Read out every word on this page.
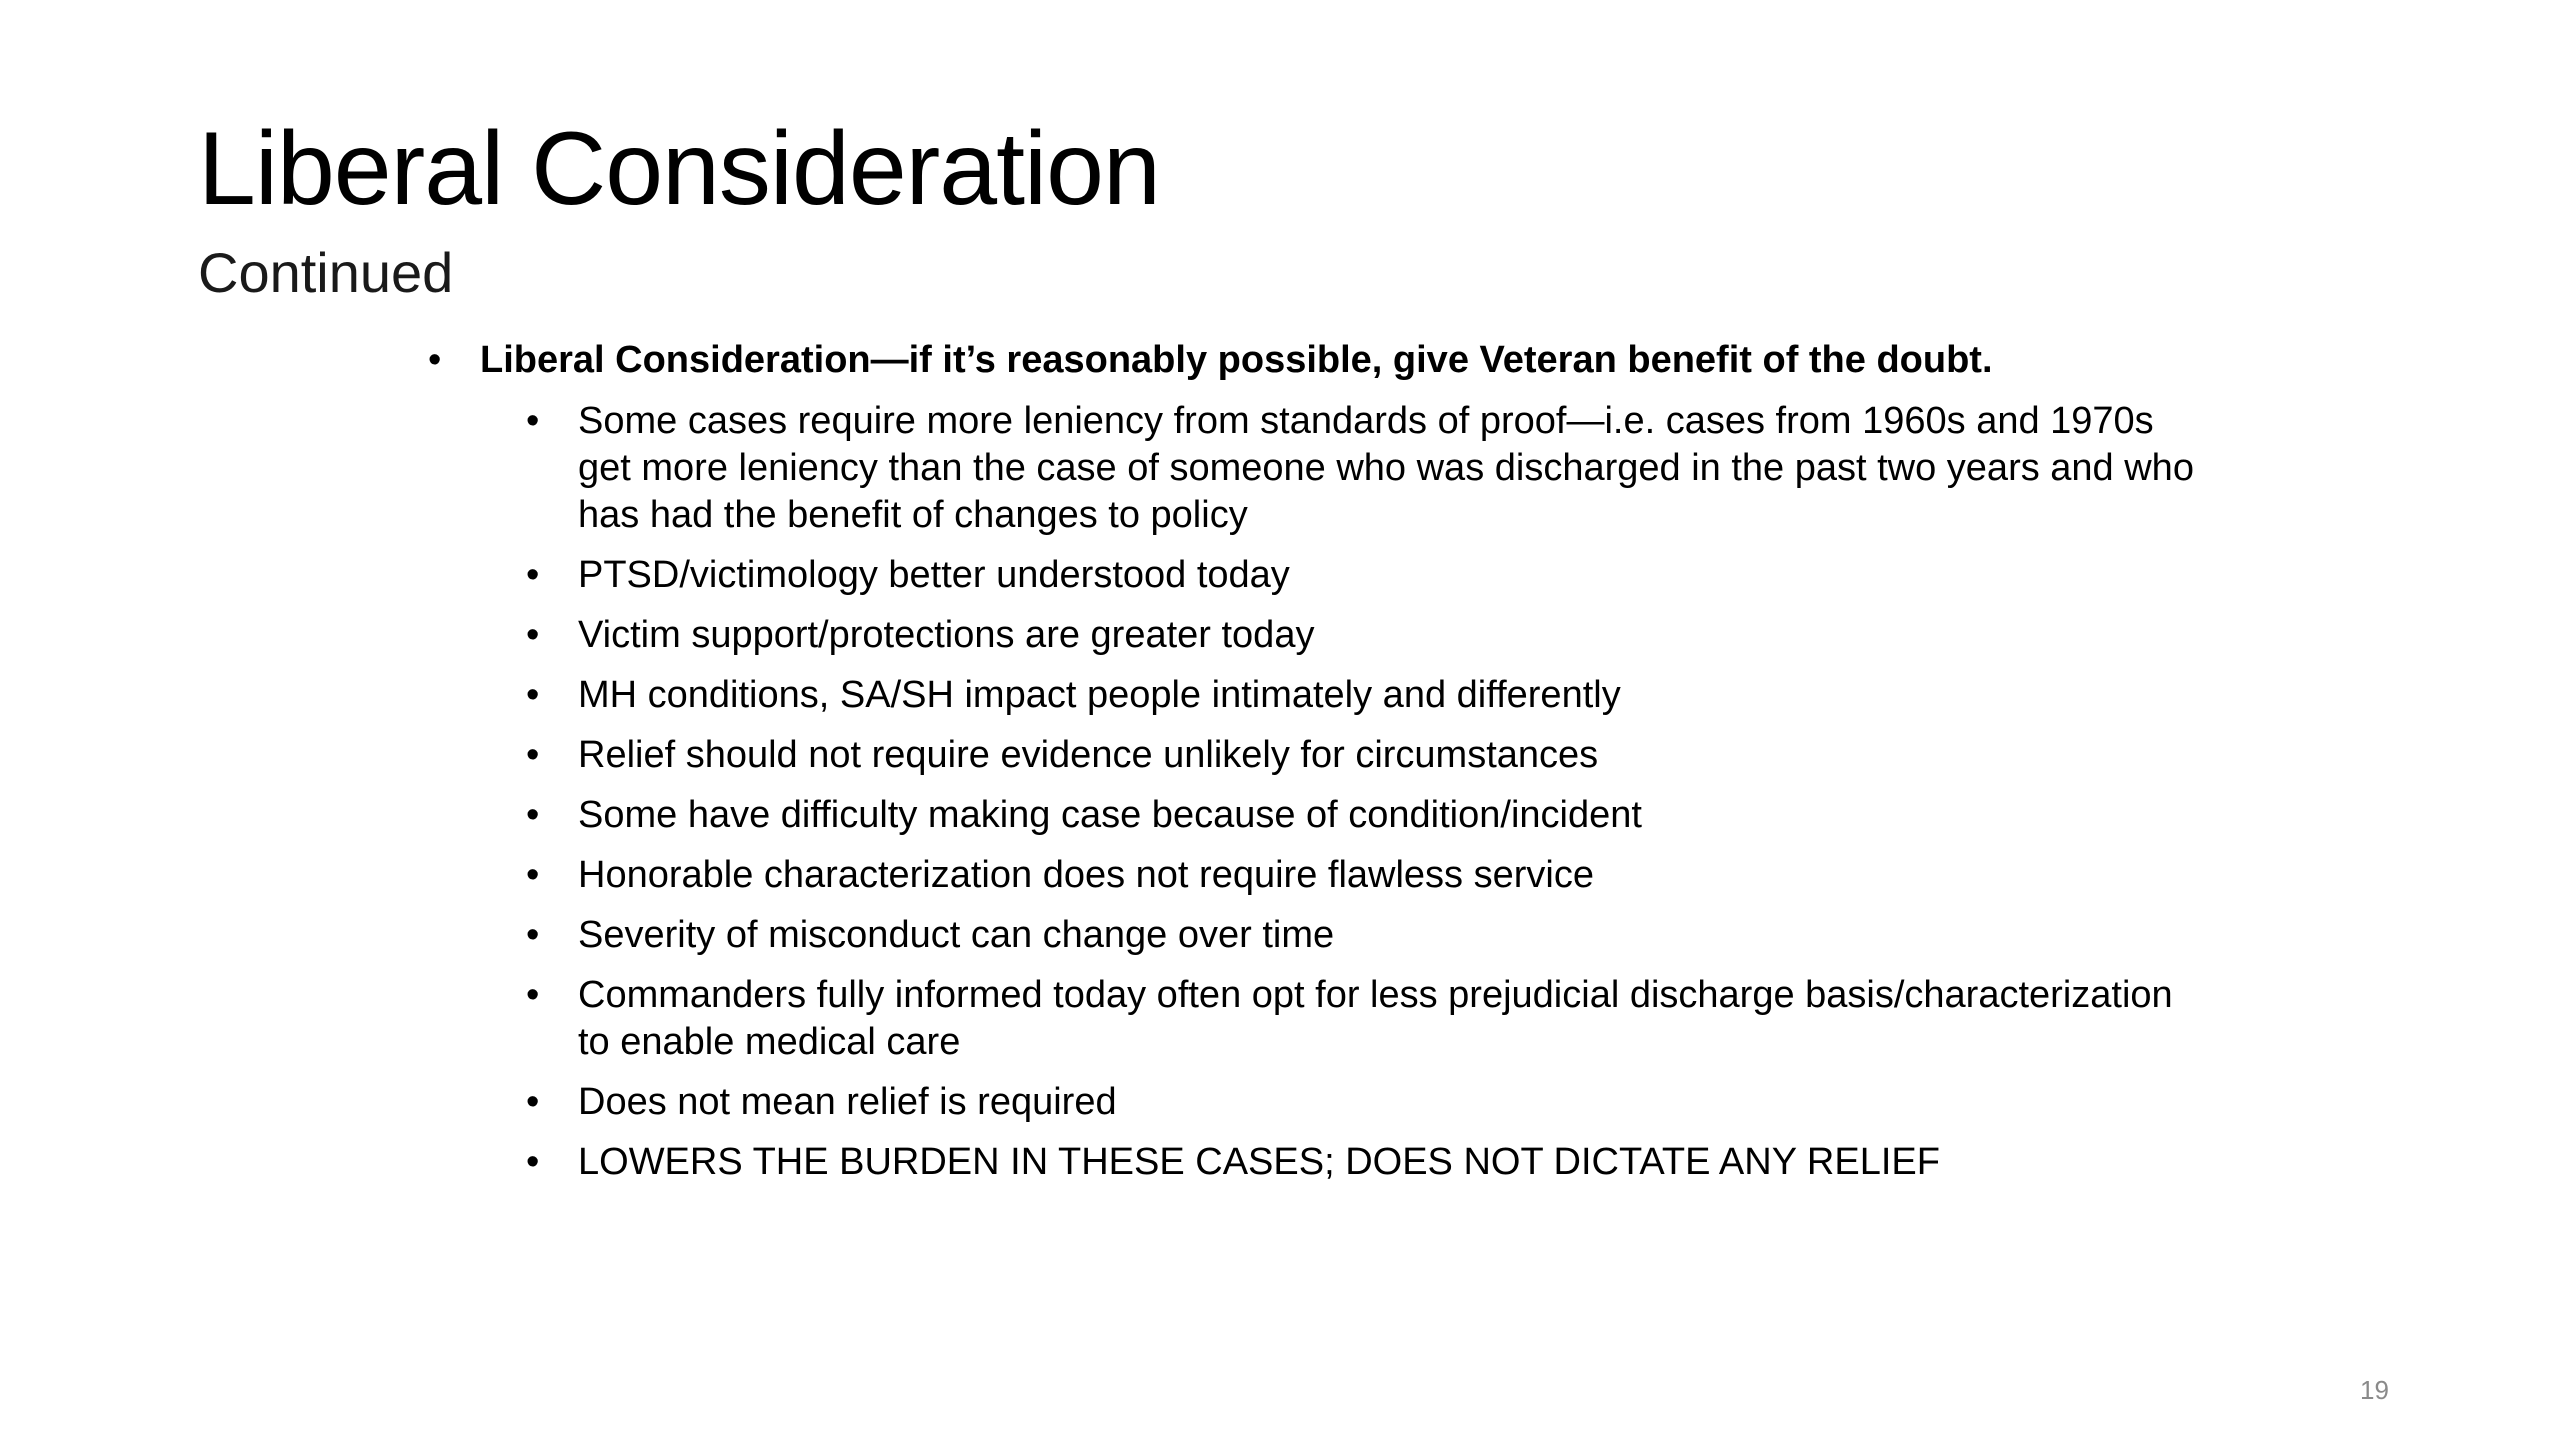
Liberal Consideration
Continued
• Liberal Consideration—if it’s reasonably possible, give Veteran benefit of the doubt.
• Some cases require more leniency from standards of proof—i.e. cases from 1960s and 1970s get more leniency than the case of someone who was discharged in the past two years and who has had the benefit of changes to policy
• PTSD/victimology better understood today
• Victim support/protections are greater today
• MH conditions, SA/SH impact people intimately and differently
• Relief should not require evidence unlikely for circumstances
• Some have difficulty making case because of condition/incident
• Honorable characterization does not require flawless service
• Severity of misconduct can change over time
• Commanders fully informed today often opt for less prejudicial discharge basis/characterization to enable medical care
• Does not mean relief is required
• LOWERS THE BURDEN IN THESE CASES; DOES NOT DICTATE ANY RELIEF
19
